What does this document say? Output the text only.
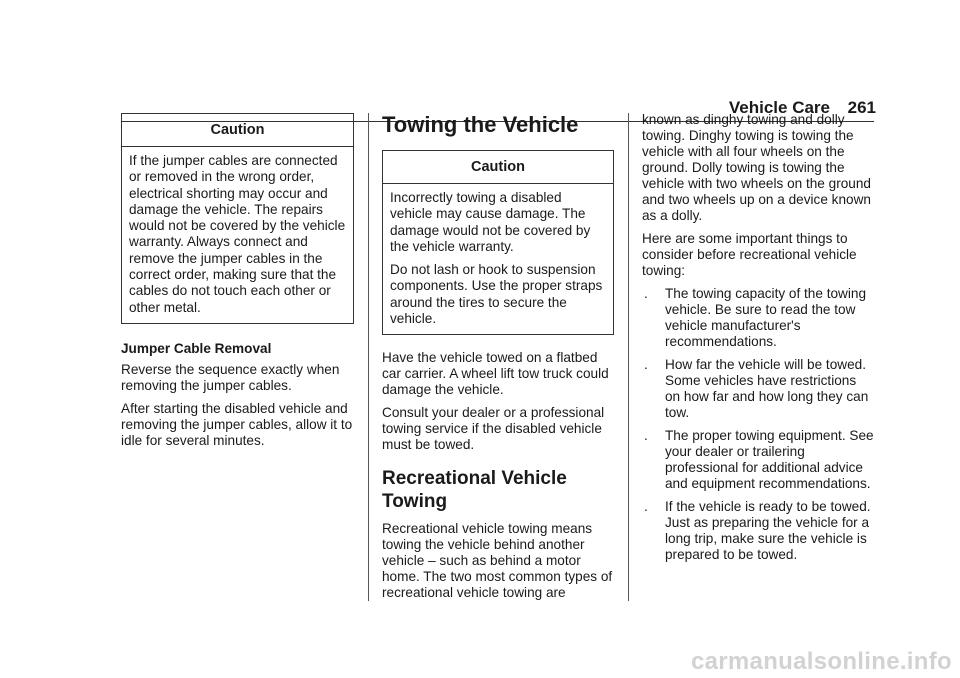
Vehicle Care 261
Caution

If the jumper cables are connected or removed in the wrong order, electrical shorting may occur and damage the vehicle. The repairs would not be covered by the vehicle warranty. Always connect and remove the jumper cables in the correct order, making sure that the cables do not touch each other or other metal.

Jumper Cable Removal

Reverse the sequence exactly when removing the jumper cables.

After starting the disabled vehicle and removing the jumper cables, allow it to idle for several minutes.

Towing the Vehicle
Caution

Incorrectly towing a disabled vehicle may cause damage. The damage would not be covered by the vehicle warranty.

Do not lash or hook to suspension components. Use the proper straps around the tires to secure the vehicle.

Have the vehicle towed on a flatbed car carrier. A wheel lift tow truck could damage the vehicle.

Consult your dealer or a professional towing service if the disabled vehicle must be towed.

Recreational Vehicle Towing

Recreational vehicle towing means towing the vehicle behind another vehicle – such as behind a motor home. The two most common types of recreational vehicle towing are

known as dinghy towing and dolly towing. Dinghy towing is towing the vehicle with all four wheels on the ground. Dolly towing is towing the vehicle with two wheels on the ground and two wheels up on a device known as a dolly.

Here are some important things to consider before recreational vehicle towing:

.	The towing capacity of the towing vehicle. Be sure to read the tow vehicle manufacturer's recommendations.
.	How far the vehicle will be towed. Some vehicles have restrictions on how far and how long they can tow.
.	The proper towing equipment. See your dealer or trailering professional for additional advice and equipment recommendations.
.	If the vehicle is ready to be towed. Just as preparing the vehicle for a long trip, make sure the vehicle is prepared to be towed.
carmanualsonline.info
